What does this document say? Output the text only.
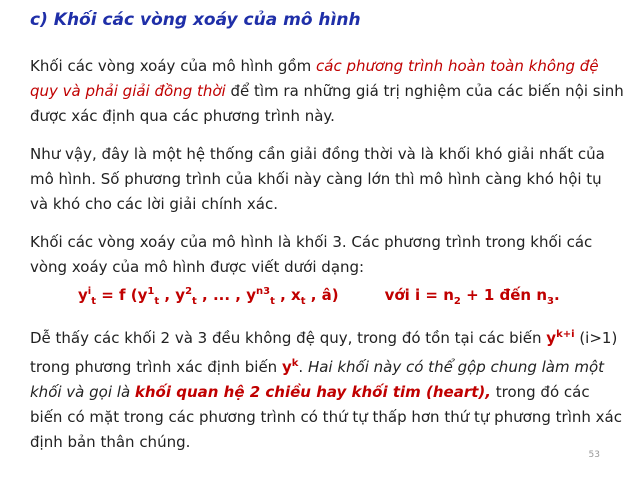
c) Khối các vòng xoáy của mô hình

Khối các vòng xoáy của mô hình gồm các phương trình hoàn toàn không đệ quy và phải giải đồng thời để tìm ra những giá trị nghiệm của các biến nội sinh được xác định qua các phương trình này.

Như vậy, đây là một hệ thống cần giải đồng thời và là khối khó giải nhất của mô hình. Số phương trình của khối này càng lớn thì mô hình càng khó hội tụ và khó cho các lời giải chính xác.

Khối các vòng xoáy của mô hình là khối 3. Các phương trình trong khối các vòng xoáy của mô hình được viết dưới dạng:

$y^i_t = f$ ($y^1_t$ , $y^2_t$ , ... , $y^{n3}_t$ , $x_t$ , â)	với $i = n_2 + 1$ đến $n_3$.

Dễ thấy các khối 2 và 3 đều không đệ quy, trong đó tồn tại các biến $y^{k+i}$ (i>1) trong phương trình xác định biến $y^k$. Hai khối này có thể gộp chung làm một khối và gọi là khối quan hệ 2 chiều hay khối tim (heart), trong đó các biến có mặt trong các phương trình có thứ tự thấp hơn thứ tự phương trình xác định bản thân chúng.

53
